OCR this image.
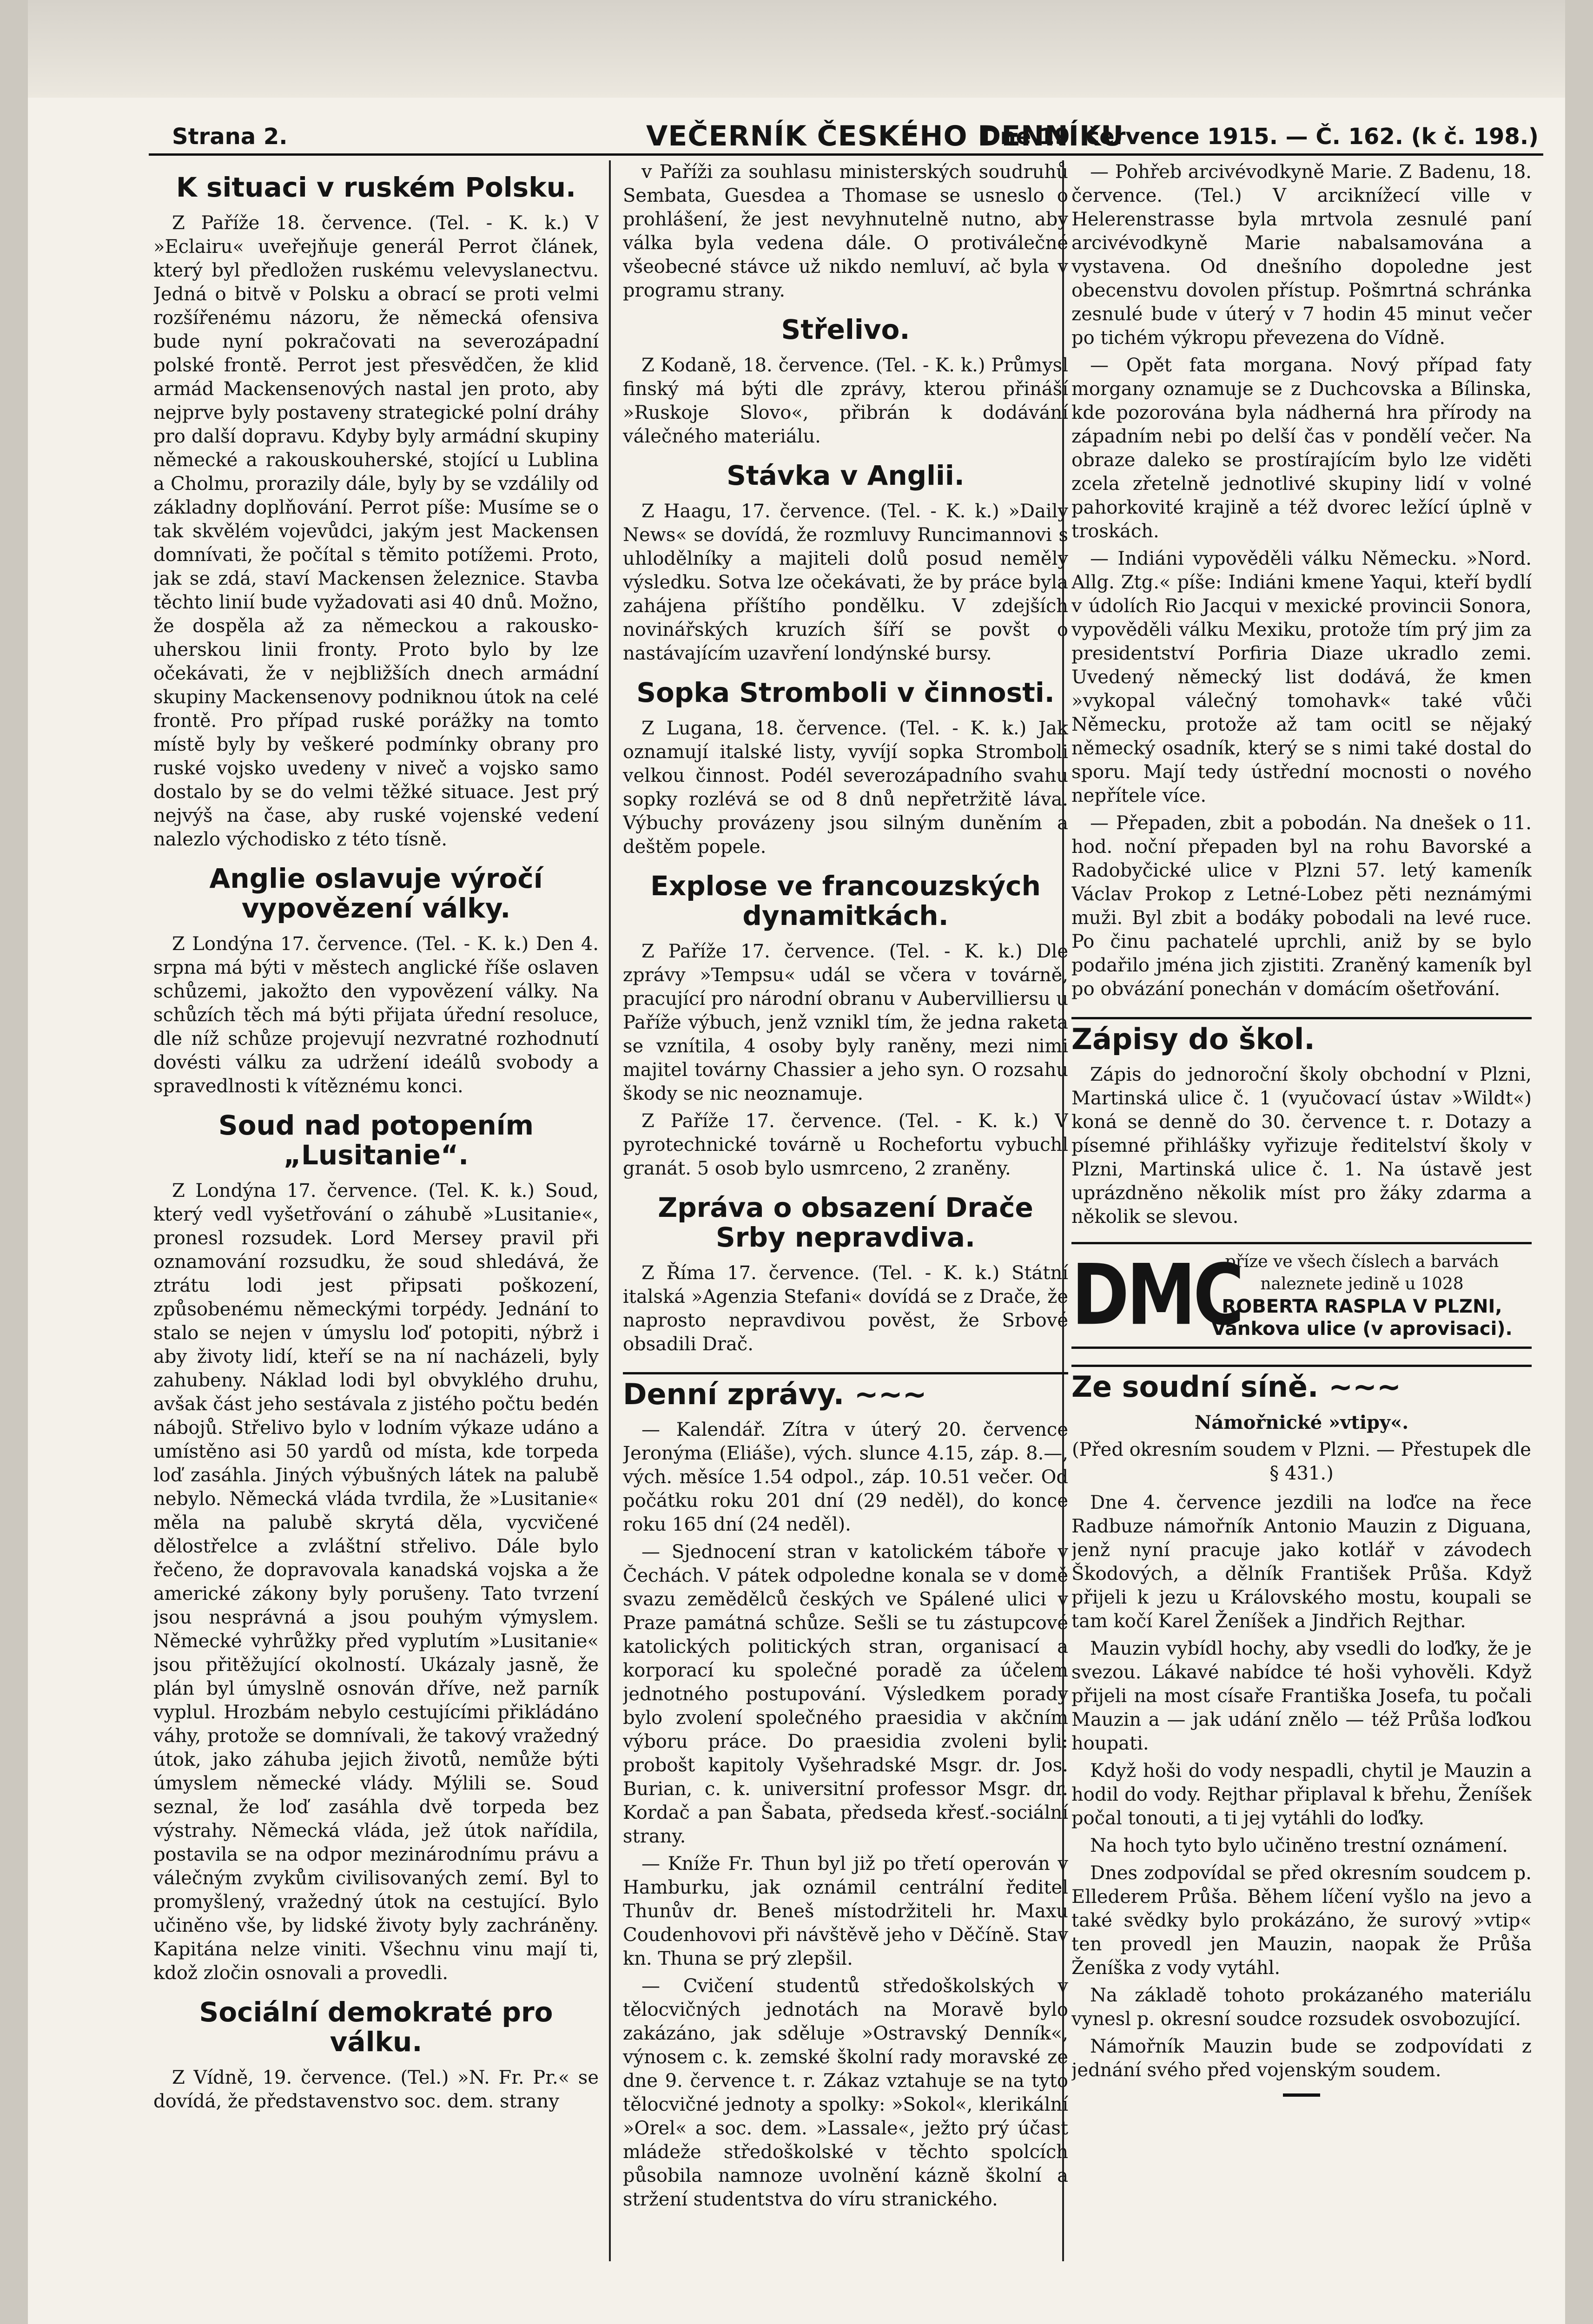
Strana 2.	VEČERNÍK ČESKÉHO DENNÍKU
Dne 19. července 1915. — Č. 162. (k č. 198.)
K situaci v ruském Polsku.

Z Paříže 18. července. (Tel. - K. k.) V »Eclairu« uveřejňuje generál Perrot článek, který byl předložen ruskému velevyslanectvu. Jedná o bitvě v Polsku a obrací se proti velmi rozšířenému názoru, že německá ofensiva bude nyní pokračovati na severozápadní polské frontě. Perrot jest přesvědčen, že klid armád Mackensenových nastal jen proto, aby nejprve byly postaveny strategické polní dráhy pro další dopravu. Kdyby byly armádní skupiny německé a rakouskouherské, stojící u Lublina a Cholmu, prorazily dále, byly by se vzdálily od základny doplňování. Perrot píše: Musíme se o tak skvělém vojevůdci, jakým jest Mackensen domnívati, že počítal s těmito potížemi. Proto, jak se zdá, staví Mackensen železnice. Stavba těchto linií bude vyžadovati asi 40 dnů. Možno, že dospěla až za německou a rakousko-uherskou linii fronty. Proto bylo by lze očekávati, že v nejbližších dnech armádní skupiny Mackensenovy podniknou útok na celé frontě. Pro případ ruské porážky na tomto místě byly by veškeré podmínky obrany pro ruské vojsko uvedeny v niveč a vojsko samo dostalo by se do velmi těžké situace. Jest prý nejvýš na čase, aby ruské vojenské vedení nalezlo východisko z této tísně.

Anglie oslavuje výročí vypovězení války.

Z Londýna 17. července. (Tel. - K. k.) Den 4. srpna má býti v městech anglické říše oslaven schůzemi, jakožto den vypovězení války. Na schůzích těch má býti přijata úřední resoluce, dle níž schůze projevují nezvratné rozhodnutí dovésti válku za udržení ideálů svobody a spravedlnosti k vítěznému konci.

Soud nad potopením „Lusitanie“.

Z Londýna 17. července. (Tel. K. k.) Soud, který vedl vyšetřování o záhubě »Lusitanie«, pronesl rozsudek. Lord Mersey pravil při oznamování rozsudku, že soud shledává, že ztrátu lodi jest připsati poškození, způsobenému německými torpédy. Jednání to stalo se nejen v úmyslu loď potopiti, nýbrž i aby životy lidí, kteří se na ní nacházeli, byly zahubeny. Náklad lodi byl obvyklého druhu, avšak část jeho sestávala z jistého počtu bedén nábojů. Střelivo bylo v lodním výkaze udáno a umístěno asi 50 yardů od místa, kde torpeda loď zasáhla. Jiných výbušných látek na palubě nebylo. Německá vláda tvrdila, že »Lusitanie« měla na palubě skrytá děla, vycvičené dělostřelce a zvláštní střelivo. Dále bylo řečeno, že dopravovala kanadská vojska a že americké zákony byly porušeny. Tato tvrzení jsou nesprávná a jsou pouhým výmyslem. Německé vyhrůžky před vyplutím »Lusitanie« jsou přitěžující okolností. Ukázaly jasně, že plán byl úmyslně osnován dříve, než parník vyplul. Hrozbám nebylo cestujícími přikládáno váhy, protože se domnívali, že takový vražedný útok, jako záhuba jejich životů, nemůže býti úmyslem německé vlády. Mýlili se. Soud seznal, že loď zasáhla dvě torpeda bez výstrahy. Německá vláda, jež útok nařídila, postavila se na odpor mezinárodnímu právu a válečným zvykům civilisovaných zemí. Byl to promyšlený, vražedný útok na cestující. Bylo učiněno vše, by lidské životy byly zachráněny. Kapitána nelze viniti. Všechnu vinu mají ti, kdož zločin osnovali a provedli.

Sociální demokraté pro válku.

Z Vídně, 19. července. (Tel.) »N. Fr. Pr.« se dovídá, že představenstvo soc. dem. strany

v Paříži za souhlasu ministerských soudruhů Sembata, Guesdea a Thomase se usneslo o prohlášení, že jest nevyhnutelně nutno, aby válka byla vedena dále. O protiválečné všeobecné stávce už nikdo nemluví, ač byla v programu strany.

Střelivo.

Z Kodaně, 18. července. (Tel. - K. k.) Průmysl finský má býti dle zprávy, kterou přináší »Ruskoje Slovo«, přibrán k dodávání válečného materiálu.

Stávka v Anglii.

Z Haagu, 17. července. (Tel. - K. k.) »Daily News« se dovídá, že rozmluvy Runcimannovi s uhlodělníky a majiteli dolů posud neměly výsledku. Sotva lze očekávati, že by práce byla zahájena příštího pondělku. V zdejších novinářských kruzích šíří se povšt o nastávajícím uzavření londýnské bursy.

Sopka Stromboli v činnosti.

Z Lugana, 18. července. (Tel. - K. k.) Jak oznamují italské listy, vyvíjí sopka Stromboli velkou činnost. Podél severozápadního svahu sopky rozlévá se od 8 dnů nepřetržitě láva. Výbuchy provázeny jsou silným duněním a deštěm popele.

Explose ve francouzských dynamitkách.

Z Paříže 17. července. (Tel. - K. k.) Dle zprávy »Tempsu« udál se včera v továrně, pracující pro národní obranu v Aubervilliersu u Paříže výbuch, jenž vznikl tím, že jedna raketa se vznítila, 4 osoby byly raněny, mezi nimi majitel továrny Chassier a jeho syn. O rozsahu škody se nic neoznamuje.

Z Paříže 17. července. (Tel. - K. k.) V pyrotechnické továrně u Rochefortu vybuchl granát. 5 osob bylo usmrceno, 2 zraněny.

Zpráva o obsazení Drače Srby nepravdiva.

Z Říma 17. července. (Tel. - K. k.) Státní italská »Agenzia Stefani« dovídá se z Drače, že naprosto nepravdivou pověst, že Srbové obsadili Drač.

Denní zprávy. ~~~

— Kalendář. Zítra v úterý 20. července Jeronýma (Eliáše), vých. slunce 4.15, záp. 8.—, vých. měsíce 1.54 odpol., záp. 10.51 večer. Od počátku roku 201 dní (29 neděl), do konce roku 165 dní (24 neděl).

— Sjednocení stran v katolickém táboře v Čechách. V pátek odpoledne konala se v domě svazu zemědělců českých ve Spálené ulici v Praze památná schůze. Sešli se tu zástupcové katolických politických stran, organisací a korporací ku společné poradě za účelem jednotného postupování. Výsledkem porady bylo zvolení společného praesidia v akčním výboru práce. Do praesidia zvoleni byli: probošt kapitoly Vyšehradské Msgr. dr. Jos. Burian, c. k. universitní professor Msgr. dr. Kordač a pan Šabata, předseda křesť.-sociální strany.

— Kníže Fr. Thun byl již po třetí operován v Hamburku, jak oznámil centrální ředitel Thunův dr. Beneš místodržiteli hr. Maxu Coudenhovovi při návštěvě jeho v Děčíně. Stav kn. Thuna se prý zlepšil.

— Cvičení studentů středoškolských v tělocvičných jednotách na Moravě bylo zakázáno, jak sděluje »Ostravský Denník«, výnosem c. k. zemské školní rady moravské ze dne 9. července t. r. Zákaz vztahuje se na tyto tělocvičné jednoty a spolky: »Sokol«, klerikální »Orel« a soc. dem. »Lassale«, ježto prý účast mládeže středoškolské v těchto spolcích působila namnoze uvolnění kázně školní a stržení studentstva do víru stranického.

— Pohřeb arcivévodkyně Marie. Z Badenu, 18. července. (Tel.) V arciknížecí ville v Helerenstrasse byla mrtvola zesnulé paní arcivévodkyně Marie nabalsamována a vystavena. Od dnešního dopoledne jest obecenstvu dovolen přístup. Pošmrtná schránka zesnulé bude v úterý v 7 hodin 45 minut večer po tichém výkropu převezena do Vídně.

— Opět fata morgana. Nový případ faty morgany oznamuje se z Duchcovska a Bílinska, kde pozorována byla nádherná hra přírody na západním nebi po delší čas v pondělí večer. Na obraze daleko se prostírajícím bylo lze viděti zcela zřetelně jednotlivé skupiny lidí v volné pahorkovité krajině a též dvorec ležící úplně v troskách.

— Indiáni vypověděli válku Německu. »Nord. Allg. Ztg.« píše: Indiáni kmene Yaqui, kteří bydlí v údolích Rio Jacqui v mexické provincii Sonora, vypověděli válku Mexiku, protože tím prý jim za presidentství Porfiria Diaze ukradlo zemi. Uvedený německý list dodává, že kmen »vykopal válečný tomohavk« také vůči Německu, protože až tam ocitl se nějaký německý osadník, který se s nimi také dostal do sporu. Mají tedy ústřední mocnosti o nového nepřítele více.

— Přepaden, zbit a pobodán. Na dnešek o 11. hod. noční přepaden byl na rohu Bavorské a Radobyčické ulice v Plzni 57. letý kameník Václav Prokop z Letné-Lobez pěti neznámými muži. Byl zbit a bodáky pobodali na levé ruce. Po činu pachatelé uprchli, aniž by se bylo podařilo jména jich zjistiti. Zraněný kameník byl po obvázání ponechán v domácím ošetřování.

Zápisy do škol.

Zápis do jednoroční školy obchodní v Plzni, Martinská ulice č. 1 (vyučovací ústav »Wildt«) koná se denně do 30. července t. r. Dotazy a písemné přihlášky vyřizuje ředitelství školy v Plzni, Martinská ulice č. 1. Na ústavě jest uprázdněno několik míst pro žáky zdarma a několik se slevou.

DMC
příze ve všech číslech a barvách
naleznete jedině u 1028
ROBERTA RASPLA V PLZNI,
Vankova ulice (v aprovisaci).
Ze soudní síně. ~~~
Námořnické »vtipy«.
(Před okresním soudem v Plzni. — Přestupek dle § 431.)

Dne 4. července jezdili na loďce na řece Radbuze námořník Antonio Mauzin z Diguana, jenž nyní pracuje jako kotlář v závodech Škodových, a dělník František Průša. Když přijeli k jezu u Královského mostu, koupali se tam kočí Karel Ženíšek a Jindřich Rejthar.

Mauzin vybídl hochy, aby vsedli do loďky, že je svezou. Lákavé nabídce té hoši vyhověli. Když přijeli na most císaře Františka Josefa, tu počali Mauzin a — jak udání znělo — též Průša loďkou houpati.

Když hoši do vody nespadli, chytil je Mauzin a hodil do vody. Rejthar připlaval k břehu, Ženíšek počal tonouti, a ti jej vytáhli do loďky.

Na hoch tyto bylo učiněno trestní oznámení.

Dnes zodpovídal se před okresním soudcem p. Ellederem Průša. Během líčení vyšlo na jevo a také svědky bylo prokázáno, že surový »vtip« ten provedl jen Mauzin, naopak že Průša Ženíška z vody vytáhl.

Na základě tohoto prokázaného materiálu vynesl p. okresní soudce rozsudek osvobozující.

Námořník Mauzin bude se zodpovídati z jednání svého před vojenským soudem.
